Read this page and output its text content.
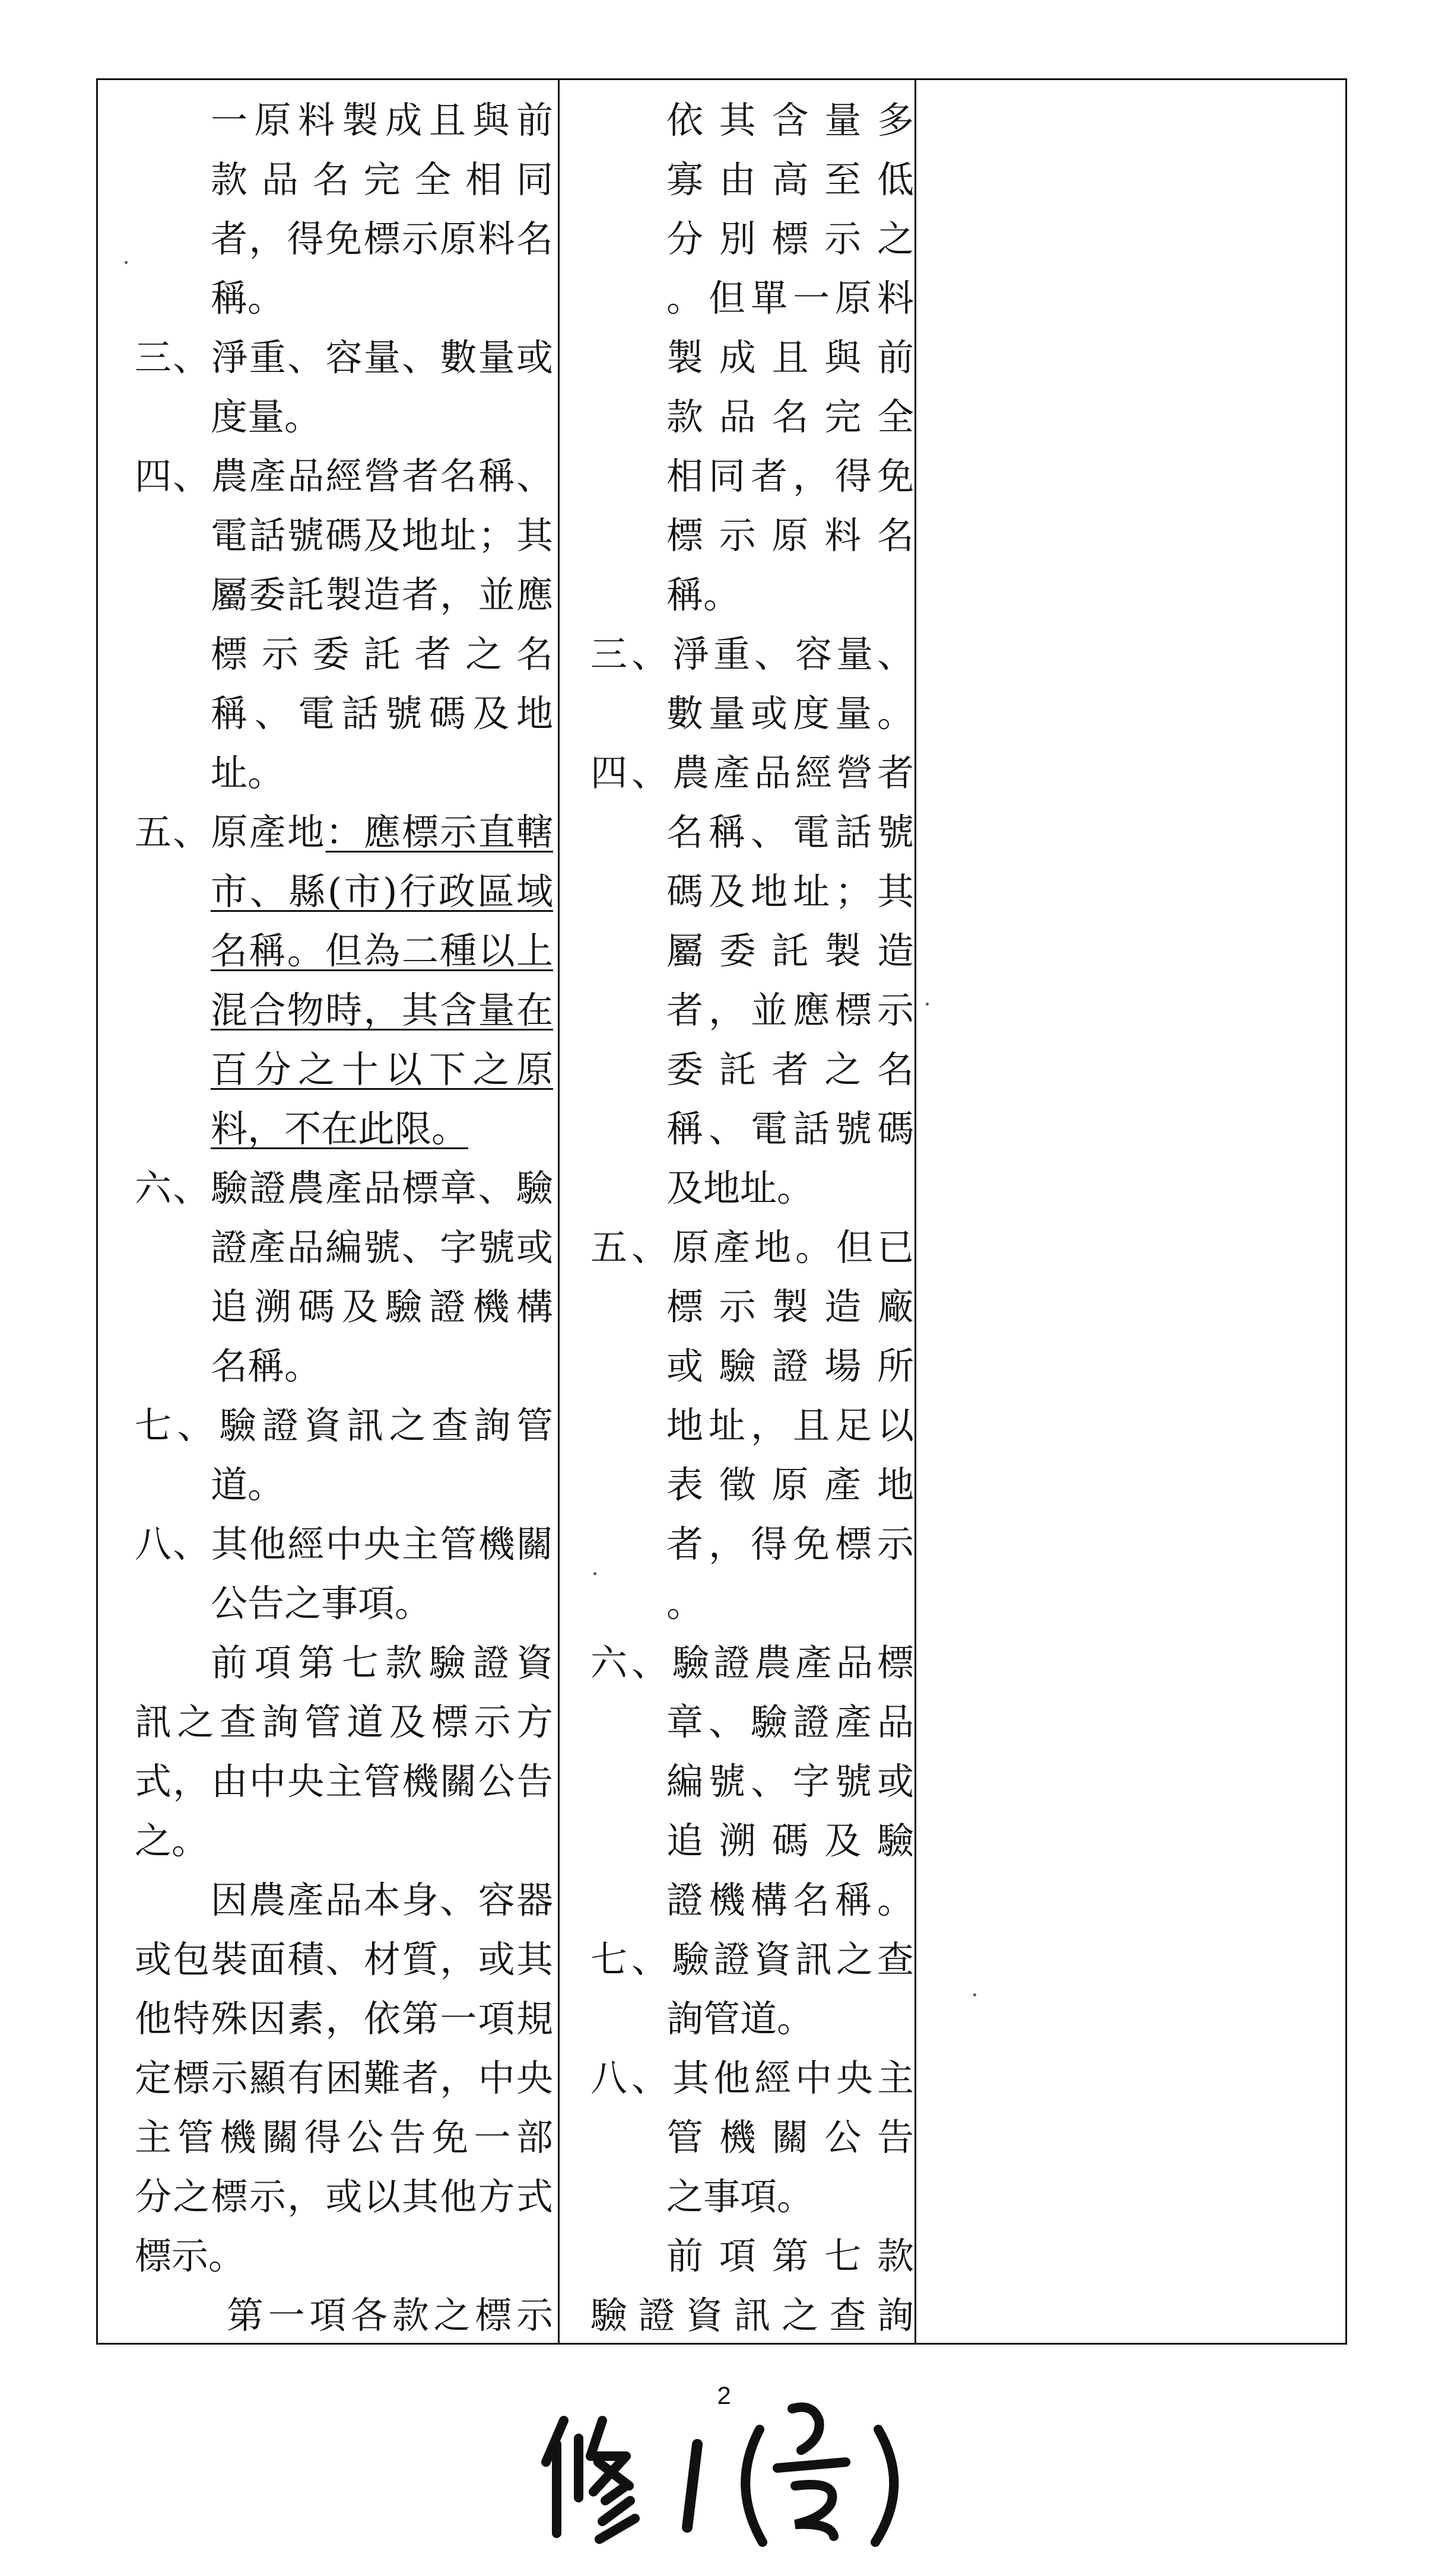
一原料製成且與前
款品名完全相同
者，得免標示原料名
稱。
三、淨重、容量、數量或
度量。
四、農產品經營者名稱、
電話號碼及地址；其
屬委託製造者，並應
標示委託者之名
稱、電話號碼及地
址。
五、原產地：應標示直轄
市、縣(市)行政區域
名稱。但為二種以上
混合物時，其含量在
百分之十以下之原
料，不在此限。
六、驗證農產品標章、驗
證產品編號、字號或
追溯碼及驗證機構
名稱。
七、驗證資訊之查詢管
道。
八、其他經中央主管機關
公告之事項。
前項第七款驗證資
訊之查詢管道及標示方
式，由中央主管機關公告
之。
因農產品本身、容器
或包裝面積、材質，或其
他特殊因素，依第一項規
定標示顯有困難者，中央
主管機關得公告免一部
分之標示，或以其他方式
標示。
第一項各款之標示
依其含量多
寡由高至低
分別標示之
。但單一原料
製成且與前
款品名完全
相同者，得免
標示原料名
稱。
三、淨重、容量、
數量或度量。
四、農產品經營者
名稱、電話號
碼及地址；其
屬委託製造
者，並應標示
委託者之名
稱、電話號碼
及地址。
五、原產地。但已
標示製造廠
或驗證場所
地址，且足以
表徵原產地
者，得免標示
。
六、驗證農產品標
章、驗證產品
編號、字號或
追溯碼及驗
證機構名稱。
七、驗證資訊之查
詢管道。
八、其他經中央主
管機關公告
之事項。
前項第七款
驗證資訊之查詢
2
